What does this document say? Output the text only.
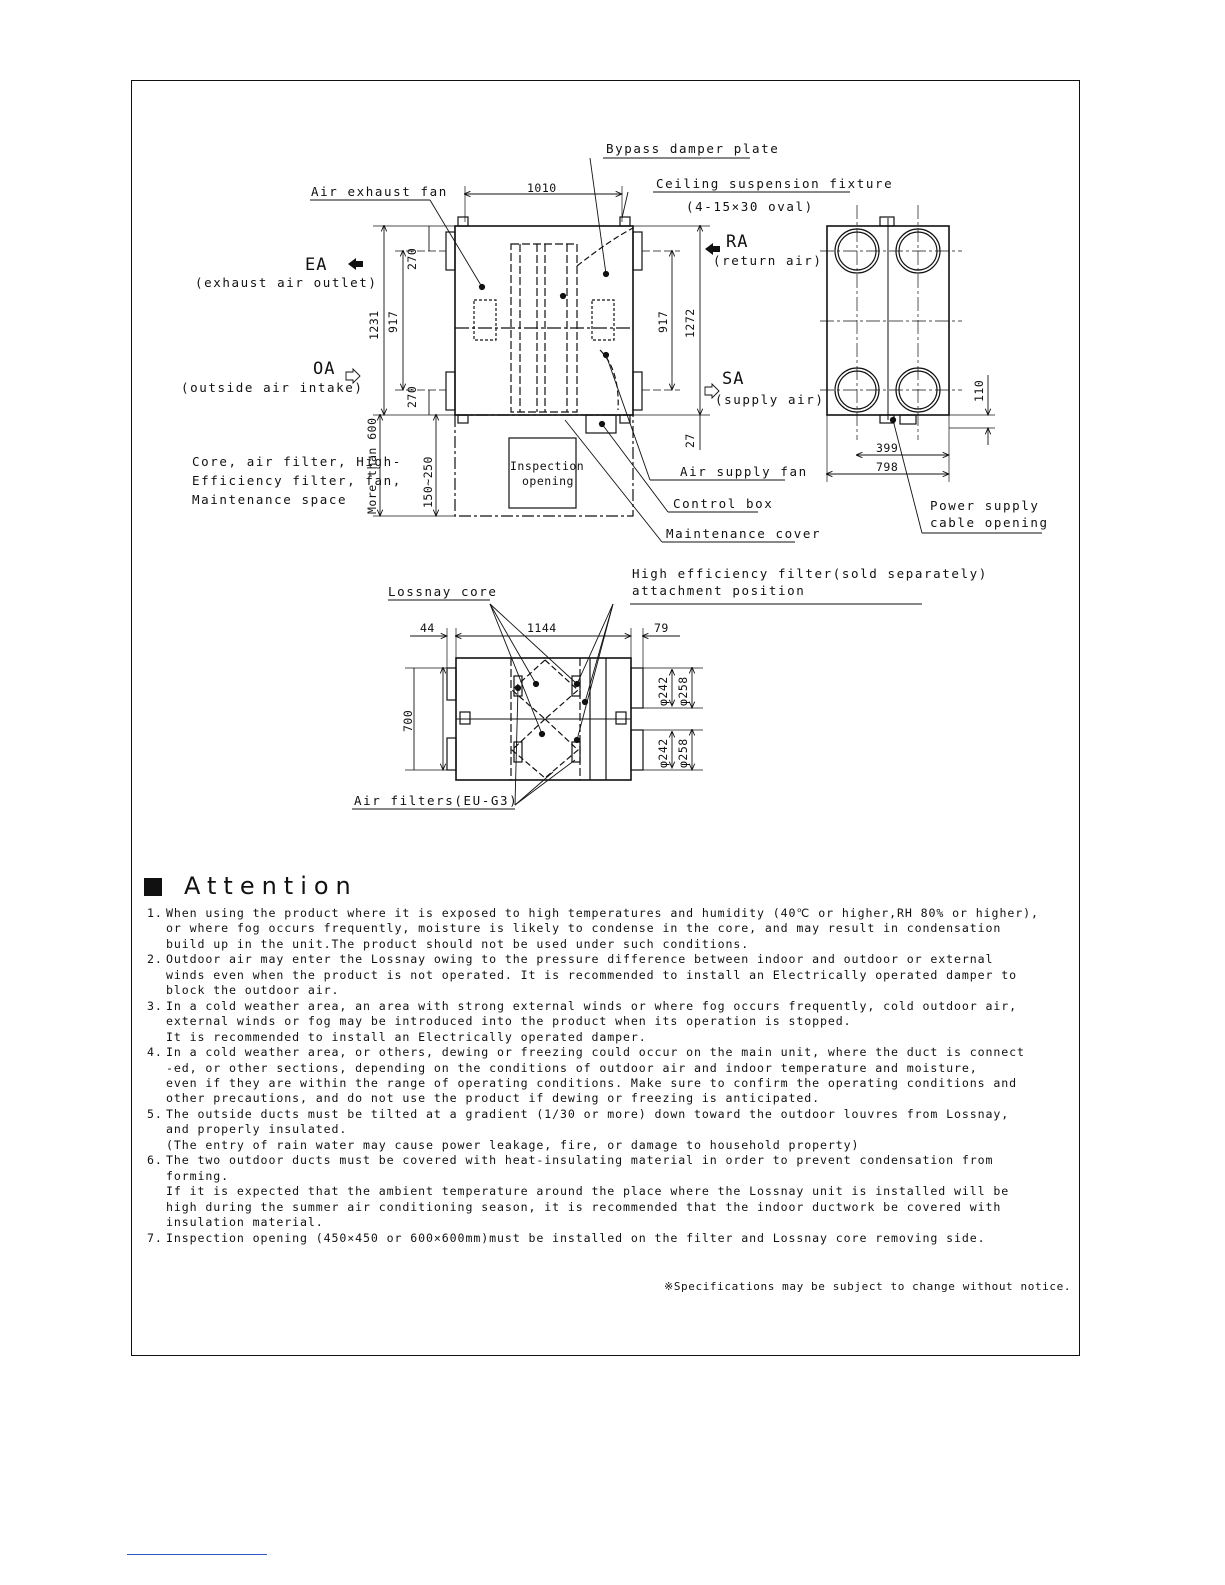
Bypass damper plate
Air exhaust fan
Ceiling suspension fixture
(4-15×30 oval)
EA
(exhaust air outlet)
RA
(return air)
OA
(outside air intake)	SA
(supply air)
Core, air filter, High-
Efficiency filter, fan,
Maintenance space
Inspection
opening
Air supply fan
Control box
Maintenance cover
1010
270
917
270
1231	917 1272
27
More than 600	150~250
110
399
798
Power supply
cable opening
Lossnay core
High efficiency filter(sold separately)
attachment position
Air filters(EU-G3)
44	1144	79
700
φ242 φ258
φ242 φ258
Attention
1. When using the product where it is exposed to high temperatures and humidity (40℃ or higher,RH 80% or higher),
or where fog occurs frequently, moisture is likely to condense in the core, and may result in condensation
build up in the unit.The product should not be used under such conditions.
2. Outdoor air may enter the Lossnay owing to the pressure difference between indoor and outdoor or external
winds even when the product is not operated. It is recommended to install an Electrically operated damper to
block the outdoor air.
3. In a cold weather area, an area with strong external winds or where fog occurs frequently, cold outdoor air,
external winds or fog may be introduced into the product when its operation is stopped.
It is recommended to install an Electrically operated damper.
4. In a cold weather area, or others, dewing or freezing could occur on the main unit, where the duct is connect
-ed, or other sections, depending on the conditions of outdoor air and indoor temperature and moisture,
even if they are within the range of operating conditions. Make sure to confirm the operating conditions and
other precautions, and do not use the product if dewing or freezing is anticipated.
5. The outside ducts must be tilted at a gradient (1/30 or more) down toward the outdoor louvres from Lossnay,
and properly insulated.
(The entry of rain water may cause power leakage, fire, or damage to household property)
6. The two outdoor ducts must be covered with heat-insulating material in order to prevent condensation from
forming.
If it is expected that the ambient temperature around the place where the Lossnay unit is installed will be
high during the summer air conditioning season, it is recommended that the indoor ductwork be covered with
insulation material.
7. Inspection opening (450×450 or 600×600mm)must be installed on the filter and Lossnay core removing side.
※Specifications may be subject to change without notice.
